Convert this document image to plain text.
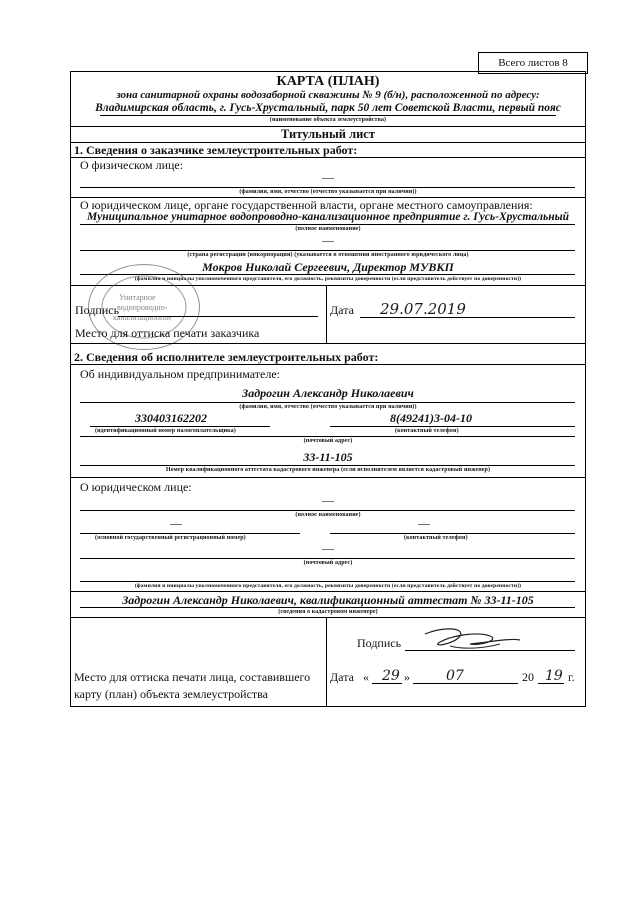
Всего листов 8
КАРТА (ПЛАН)
зона санитарной охраны водозаборной скважины № 9 (б/н), расположенной по адресу:
Владимирская область, г. Гусь-Хрустальный, парк 50 лет Советской Власти, первый пояс
(наименование объекта землеустройства)
Титульный лист
1. Сведения о заказчике землеустроительных работ:
О физическом лице:
—
(фамилия, имя, отчество (отчество указывается при наличии))
О юридическом лице, органе государственной власти, органе местного самоуправления:
Муниципальное унитарное водопроводно-канализационное предприятие г. Гусь-Хрустальный
(полное наименование)
—
(страна регистрации (инкорпорации) (указывается в отношении иностранного юридического лица)
Мокров Николай Сергеевич, Директор МУВКП
(фамилия и инициалы уполномоченного представителя, его должность, реквизиты доверенности (если представитель действует по доверенности))
Унитарное
водопроводно-
канализационное
Подпись
Место для оттиска печати заказчика
Дата 29.07.2019
2. Сведения об исполнителе землеустроительных работ:
Об индивидуальном предпринимателе:
Задрогин Александр Николаевич
(фамилия, имя, отчество (отчество указывается при наличии))
330403162202
(идентификационный номер налогоплательщика)
8(49241)3-04-10
(контактный телефон)
(почтовый адрес)
33-11-105
Номер квалификационного аттестата кадастрового инженера (если исполнителем является кадастровый инженер)
О юридическом лице:
—
(полное наименование)
—
(основной государственный регистрационный номер)
—
(контактный телефон)
—
(почтовый адрес)
(фамилия и инициалы уполномоченного представителя, его должность, реквизиты доверенности (если представитель действует по доверенности))
Задрогин Александр Николаевич, квалификационный аттестат № 33-11-105
(сведения о кадастровом инженере)
Место для оттиска печати лица, составившего
карту (план) объекта землеустройства
Подпись
Дата « 29 »	07	20 19 г.
